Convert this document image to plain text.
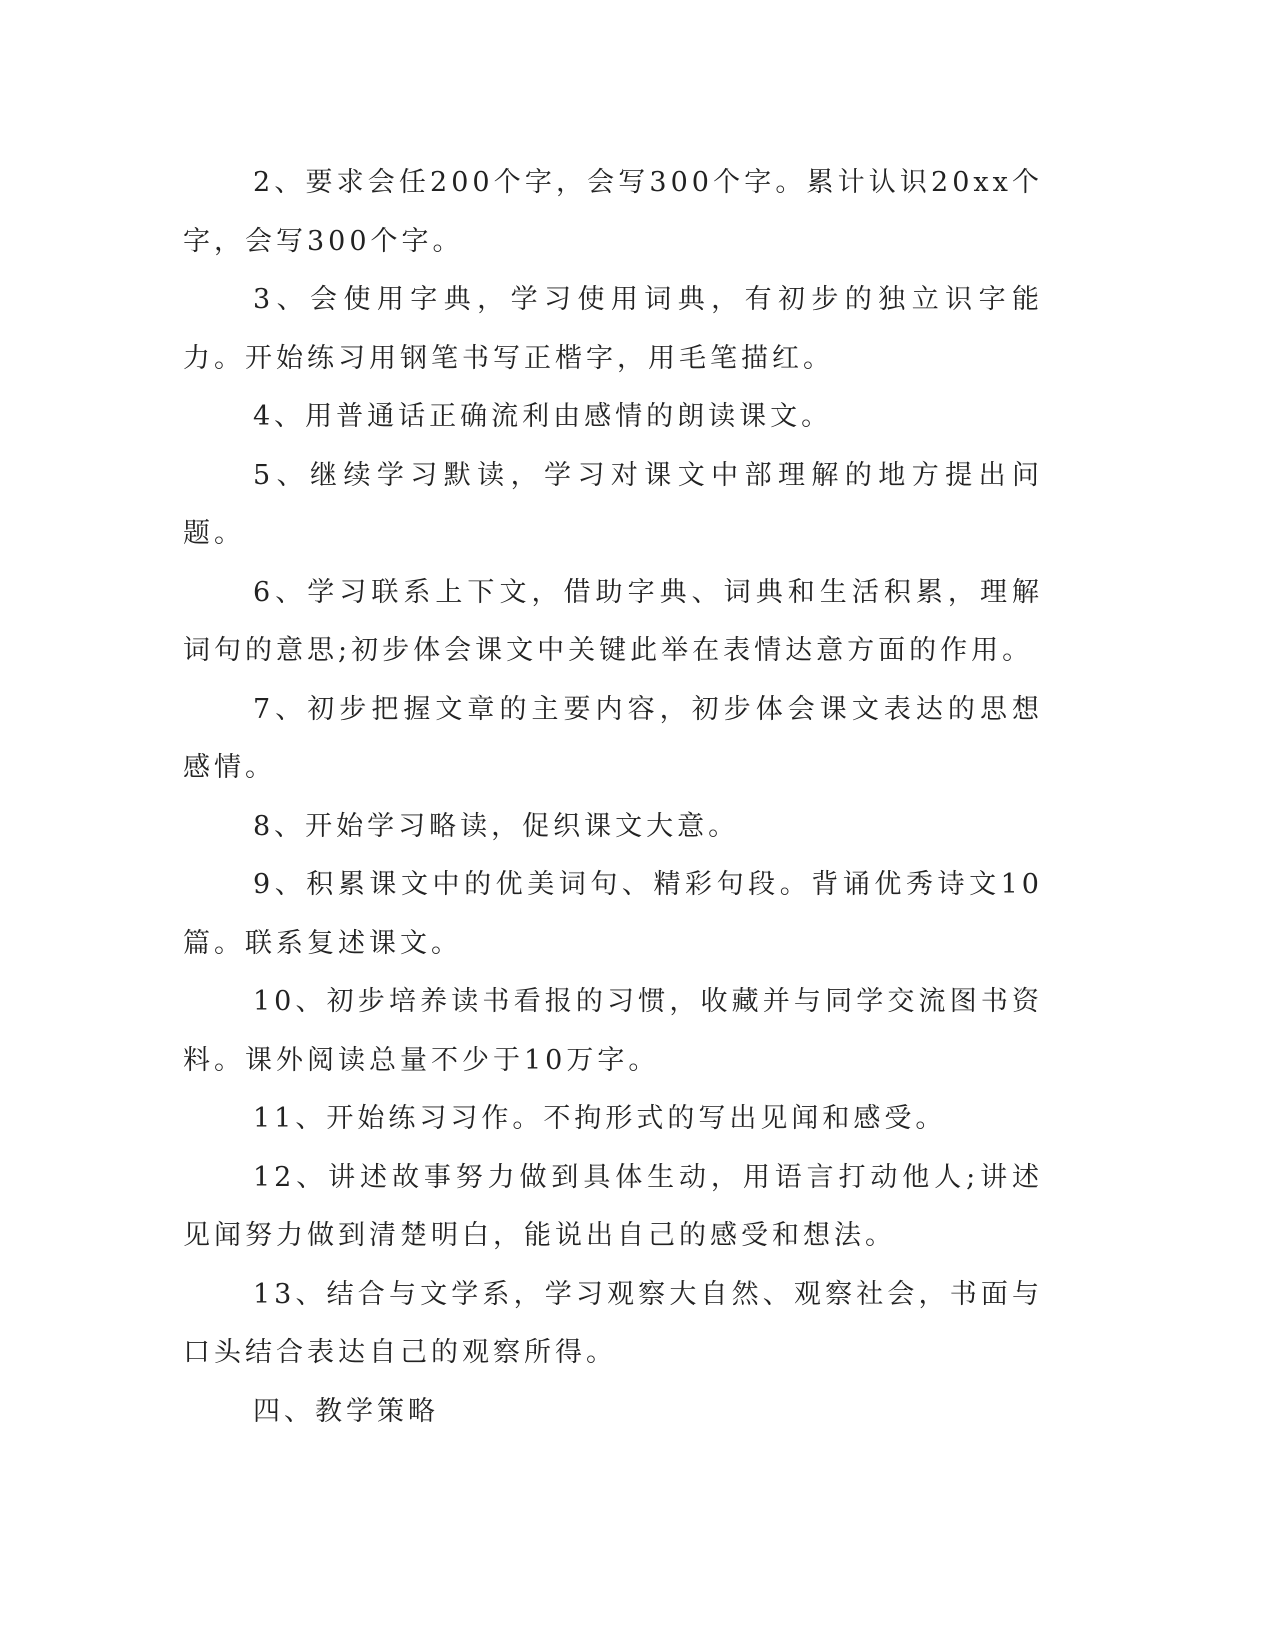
2、要求会任200个字，会写300个字。累计认识20xx个字，会写300个字。

3、会使用字典，学习使用词典，有初步的独立识字能力。开始练习用钢笔书写正楷字，用毛笔描红。

4、用普通话正确流利由感情的朗读课文。

5、继续学习默读，学习对课文中部理解的地方提出问题。

6、学习联系上下文，借助字典、词典和生活积累，理解词句的意思;初步体会课文中关键此举在表情达意方面的作用。

7、初步把握文章的主要内容，初步体会课文表达的思想感情。

8、开始学习略读，促织课文大意。

9、积累课文中的优美词句、精彩句段。背诵优秀诗文10篇。联系复述课文。

10、初步培养读书看报的习惯，收藏并与同学交流图书资料。课外阅读总量不少于10万字。

11、开始练习习作。不拘形式的写出见闻和感受。

12、讲述故事努力做到具体生动，用语言打动他人;讲述见闻努力做到清楚明白，能说出自己的感受和想法。

13、结合与文学系，学习观察大自然、观察社会，书面与口头结合表达自己的观察所得。

四、教学策略
